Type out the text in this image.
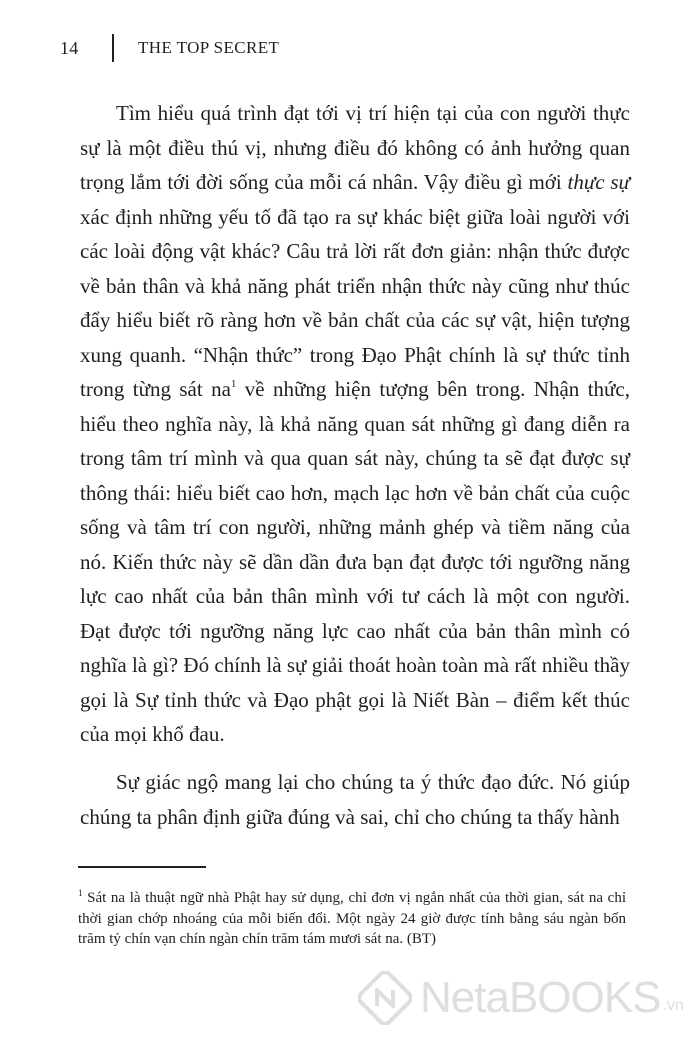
14	THE TOP SECRET

Tìm hiểu quá trình đạt tới vị trí hiện tại của con người thực sự là một điều thú vị, nhưng điều đó không có ảnh hưởng quan trọng lắm tới đời sống của mỗi cá nhân. Vậy điều gì mới thực sự xác định những yếu tố đã tạo ra sự khác biệt giữa loài người với các loài động vật khác? Câu trả lời rất đơn giản: nhận thức được về bản thân và khả năng phát triển nhận thức này cũng như thúc đẩy hiểu biết rõ ràng hơn về bản chất của các sự vật, hiện tượng xung quanh. “Nhận thức” trong Đạo Phật chính là sự thức tỉnh trong từng sát $na^1$ về những hiện tượng bên trong. Nhận thức, hiểu theo nghĩa này, là khả năng quan sát những gì đang diễn ra trong tâm trí mình và qua quan sát này, chúng ta sẽ đạt được sự thông thái: hiểu biết cao hơn, mạch lạc hơn về bản chất của cuộc sống và tâm trí con người, những mảnh ghép và tiềm năng của nó. Kiến thức này sẽ dần dần đưa bạn đạt được tới ngưỡng năng lực cao nhất của bản thân mình với tư cách là một con người. Đạt được tới ngưỡng năng lực cao nhất của bản thân mình có nghĩa là gì? Đó chính là sự giải thoát hoàn toàn mà rất nhiều thầy gọi là Sự tỉnh thức và Đạo phật gọi là Niết Bàn – điểm kết thúc của mọi khổ đau.

Sự giác ngộ mang lại cho chúng ta ý thức đạo đức. Nó giúp chúng ta phân định giữa đúng và sai, chỉ cho chúng ta thấy hành

$^1$ Sát na là thuật ngữ nhà Phật hay sử dụng, chỉ đơn vị ngắn nhất của thời gian, sát na chỉ thời gian chớp nhoáng của mỗi biến đổi. Một ngày 24 giờ được tính bằng sáu ngàn bốn trăm tỷ chín vạn chín ngàn chín trăm tám mươi sát na. (BT)
NetaBOOKS .vn
